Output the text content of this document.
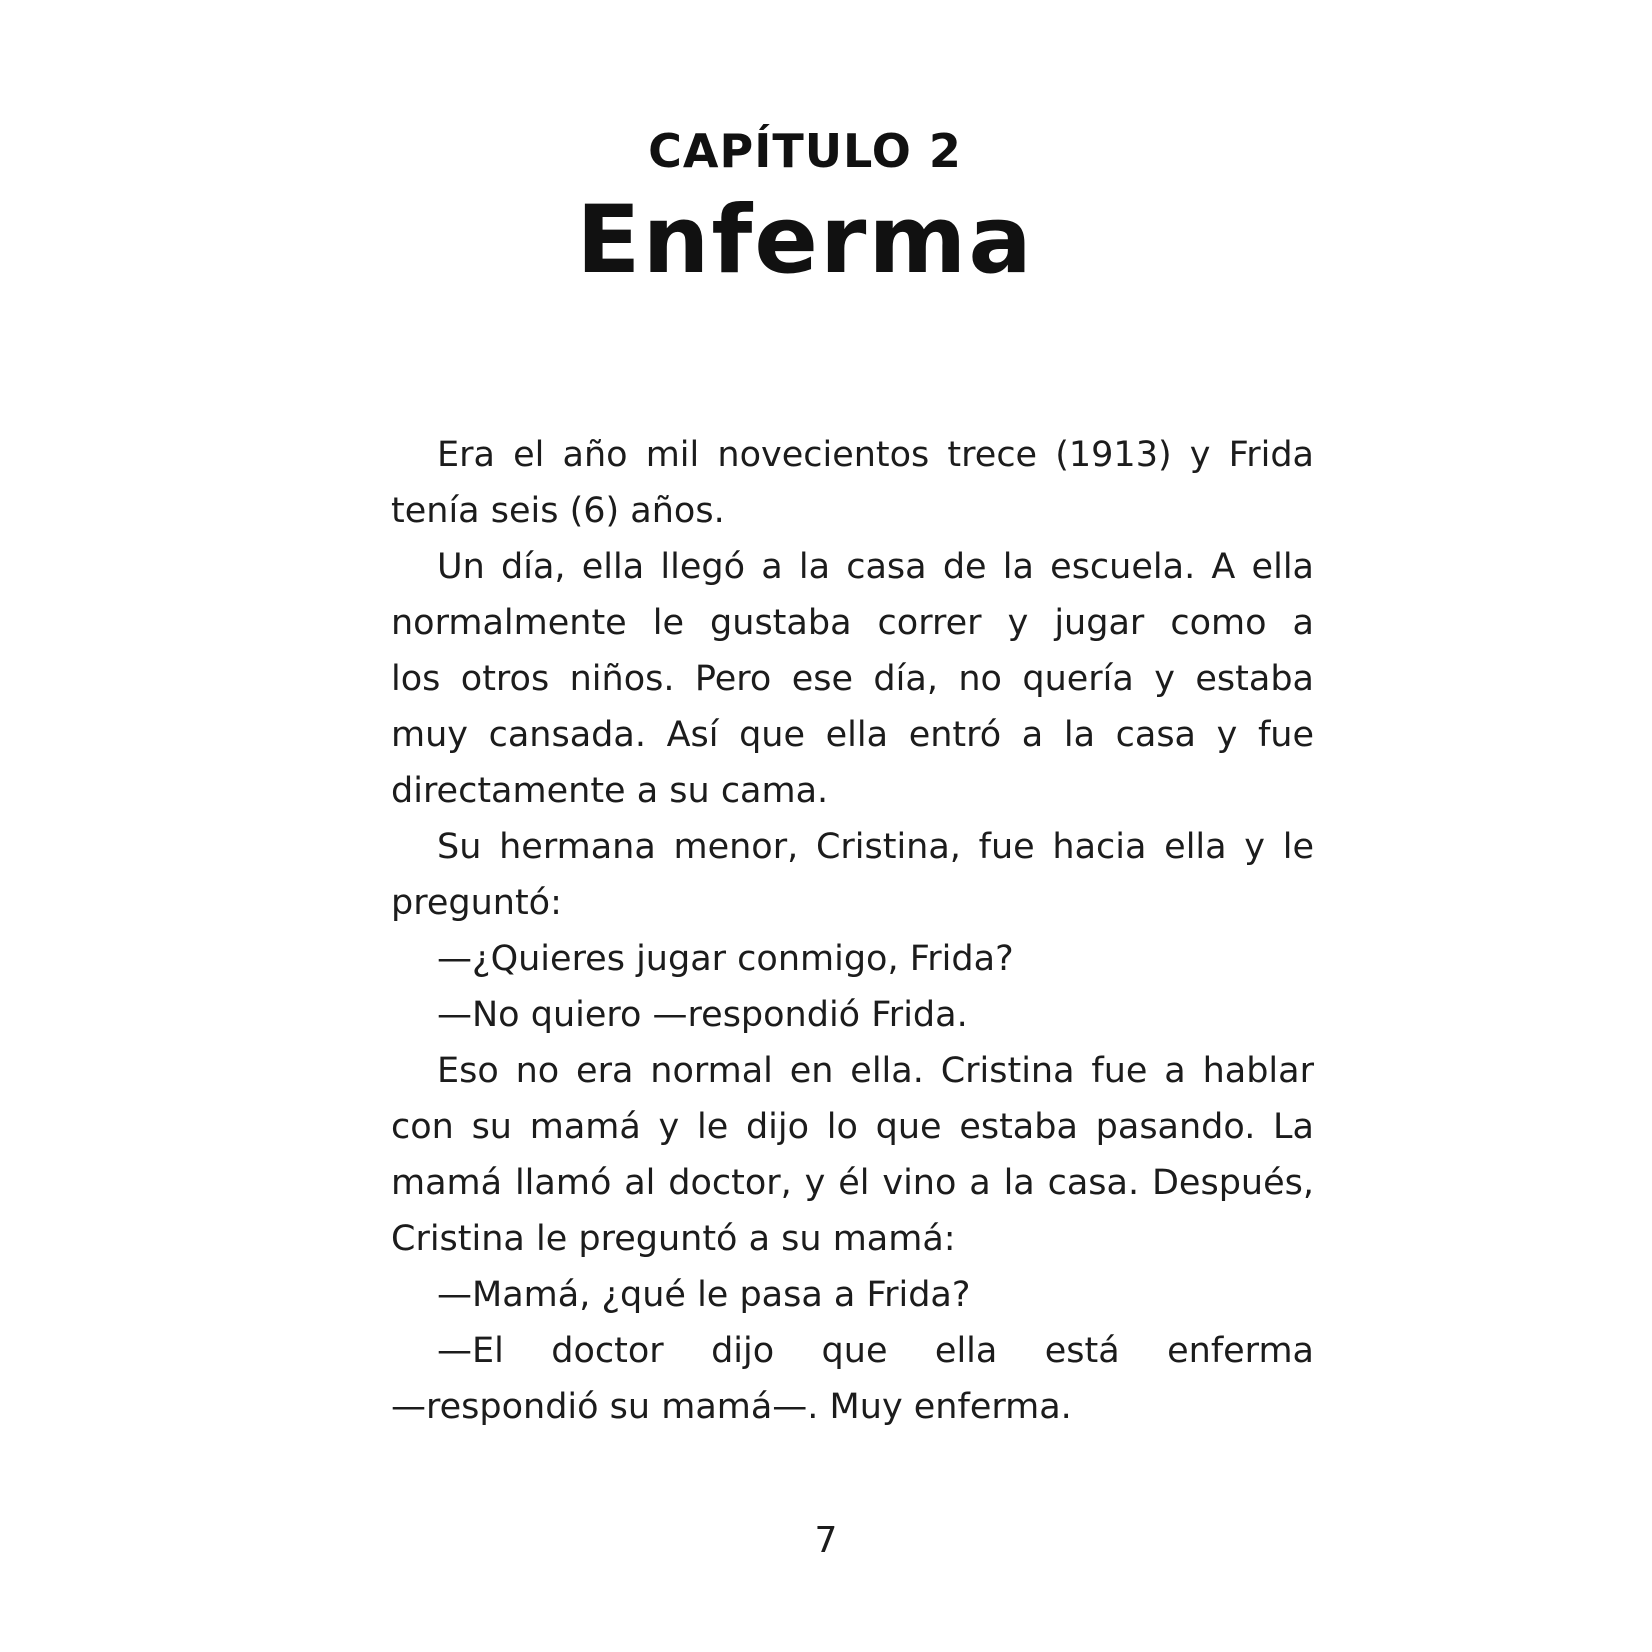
CAPÍTULO 2
Enferma

Era el año mil novecientos trece (1913) y Frida
tenía seis (6) años.

Un día, ella llegó a la casa de la escuela. A ella
normalmente le gustaba correr y jugar como a
los otros niños. Pero ese día, no quería y estaba
muy cansada. Así que ella entró a la casa y fue
directamente a su cama.

Su hermana menor, Cristina, fue hacia ella y le
preguntó:

—¿Quieres jugar conmigo, Frida?

—No quiero —respondió Frida.

Eso no era normal en ella. Cristina fue a hablar
con su mamá y le dijo lo que estaba pasando. La
mamá llamó al doctor, y él vino a la casa. Después,
Cristina le preguntó a su mamá:

—Mamá, ¿qué le pasa a Frida?

—El doctor dijo que ella está enferma
—respondió su mamá—. Muy enferma.

7
